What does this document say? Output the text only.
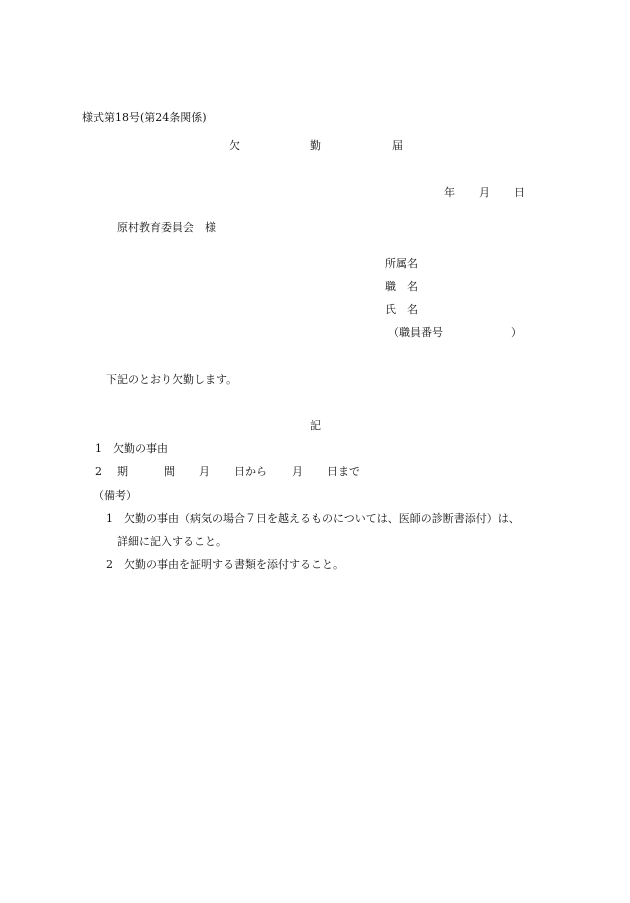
様式第18号(第24条関係)
欠	勤	届
年 月 日
原村教育委員会　様
所属名
職　名
氏　名
（職員番号	）
下記のとおり欠勤します。
記
1　欠勤の事由
2 期	間 月 日から 月 日まで
（備考）
1　欠勤の事由（病気の場合７日を越えるものについては、医師の診断書添付）は、
詳細に記入すること。
2　欠勤の事由を証明する書類を添付すること。
